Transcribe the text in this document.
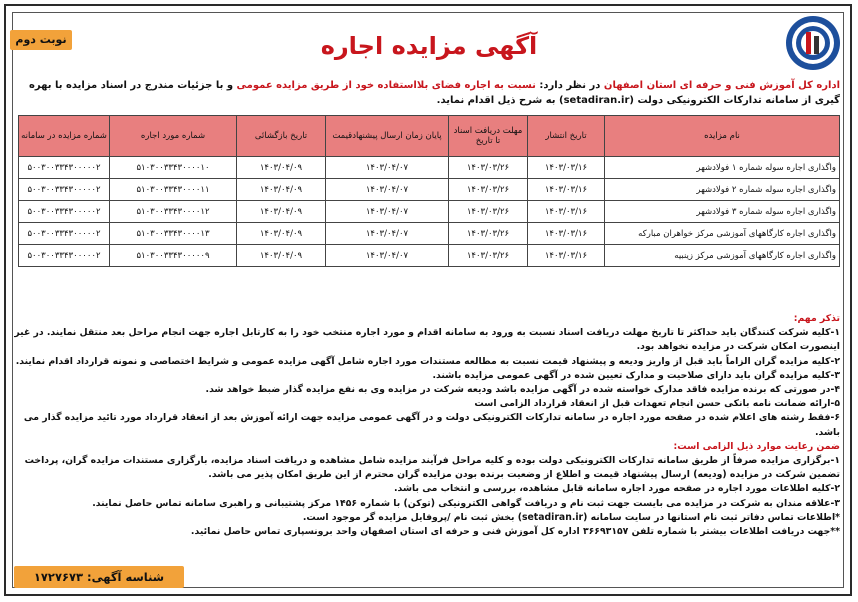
نوبت دوم	آگهی مزایده اجاره
اداره کل آموزش فنی و حرفه ای استان اصفهان در نظر دارد: نسبت به اجاره فضای بلااستفاده خود از طریق مزایده عمومی و با جزئیات مندرج در اسناد مزایده با بهره گیری از سامانه تدارکات الکترونیکی دولت (setadiran.ir) به شرح ذیل اقدام نماید.
نام مزایده	تاریخ انتشار	مهلت دریافت اسناد تا تاریخ	پایان زمان ارسال پیشنهادقیمت	تاریخ بازگشائی	شماره مورد اجاره	شماره مزایده در سامانه
واگذاری اجاره سوله شماره ۱ فولادشهر	۱۴۰۳/۰۳/۱۶	۱۴۰۳/۰۳/۲۶	۱۴۰۳/۰۴/۰۷	۱۴۰۳/۰۴/۰۹	۵۱۰۳۰۰۳۳۴۳۰۰۰۰۱۰	۵۰۰۳۰۰۳۳۴۳۰۰۰۰۰۲
واگذاری اجاره سوله شماره ۲ فولادشهر	۱۴۰۳/۰۳/۱۶	۱۴۰۳/۰۳/۲۶	۱۴۰۳/۰۴/۰۷	۱۴۰۳/۰۴/۰۹	۵۱۰۳۰۰۳۳۴۳۰۰۰۰۱۱	۵۰۰۳۰۰۳۳۴۳۰۰۰۰۰۲
واگذاری اجاره سوله شماره ۳ فولادشهر	۱۴۰۳/۰۳/۱۶	۱۴۰۳/۰۳/۲۶	۱۴۰۳/۰۴/۰۷	۱۴۰۳/۰۴/۰۹	۵۱۰۳۰۰۳۳۴۳۰۰۰۰۱۲	۵۰۰۳۰۰۳۳۴۳۰۰۰۰۰۲
واگذاری اجاره کارگاههای آموزشی مرکز خواهران مبارکه	۱۴۰۳/۰۳/۱۶	۱۴۰۳/۰۳/۲۶	۱۴۰۳/۰۴/۰۷	۱۴۰۳/۰۴/۰۹	۵۱۰۳۰۰۳۳۴۳۰۰۰۰۱۳	۵۰۰۳۰۰۳۳۴۳۰۰۰۰۰۲
واگذاری اجاره کارگاههای آموزشی مرکز زینبیه	۱۴۰۳/۰۳/۱۶	۱۴۰۳/۰۳/۲۶	۱۴۰۳/۰۴/۰۷	۱۴۰۳/۰۴/۰۹	۵۱۰۳۰۰۳۳۴۳۰۰۰۰۰۹	۵۰۰۳۰۰۳۳۴۳۰۰۰۰۰۲

تذکر مهم:

۱-کلیه شرکت کنندگان باید حداکثر تا تاریخ مهلت دریافت اسناد نسبت به ورود به سامانه اقدام و مورد اجاره منتخب خود را به کارتابل اجاره جهت انجام مراحل بعد منتقل نمایند. در غیر اینصورت امکان شرکت در مزایده نخواهد بود.

۲-کلیه مزایده گران الزاماً باید قبل از واریز ودیعه و پیشنهاد قیمت نسبت به مطالعه مستندات مورد اجاره شامل آگهی مزایده عمومی و شرایط اختصاصی و نمونه قرارداد اقدام نمایند.

۳-کلیه مزایده گران باید دارای صلاحیت و مدارک تعیین شده در آگهی عمومی مزایده باشند.

۴-در صورتی که برنده مزایده فاقد مدارک خواسته شده در آگهی مزایده باشد ودیعه شرکت در مزایده وی به نفع مزایده گذار ضبط خواهد شد.

۵-ارائه ضمانت نامه بانکی حسن انجام تعهدات قبل از انعقاد قرارداد الزامی است

۶-فقط رشته های اعلام شده در صفحه مورد اجاره در سامانه تدارکات الکترونیکی دولت و در آگهی عمومی مزایده جهت ارائه آموزش بعد از انعقاد قرارداد مورد تائید مزایده گذار می باشد.

ضمن رعایت موارد ذیل الزامی است:

۱-برگزاری مزایده صرفاً از طریق سامانه تدارکات الکترونیکی دولت بوده و کلیه مراحل فرآیند مزایده شامل مشاهده و دریافت اسناد مزایده، بارگزاری مستندات مزایده گران، پرداخت تضمین شرکت در مزایده (ودیعه) ارسال پیشنهاد قیمت و اطلاع از وضعیت برنده بودن مزایده گران محترم از این طریق امکان پذیر می باشد.

۲-کلیه اطلاعات مورد اجاره در صفحه مورد اجاره سامانه قابل مشاهده، بررسی و انتخاب می باشد.

۳-علاقه مندان به شرکت در مزایده می بایست جهت ثبت نام و دریافت گواهی الکترونیکی (توکن) با شماره ۱۴۵۶ مرکز پشتیبانی و راهبری سامانه تماس حاصل نمایند.

*اطلاعات تماس دفاتر ثبت نام استانها در سایت سامانه (setadiran.ir) بخش ثبت نام /پروفایل مزایده گر موجود است.

**جهت دریافت اطلاعات بیشتر با شماره تلفن ۳۶۶۹۳۱۵۷ اداره کل آموزش فنی و حرفه ای استان اصفهان واحد برونسپاری تماس حاصل نمائید.

شناسه آگهی: ۱۷۲۷۶۷۳
